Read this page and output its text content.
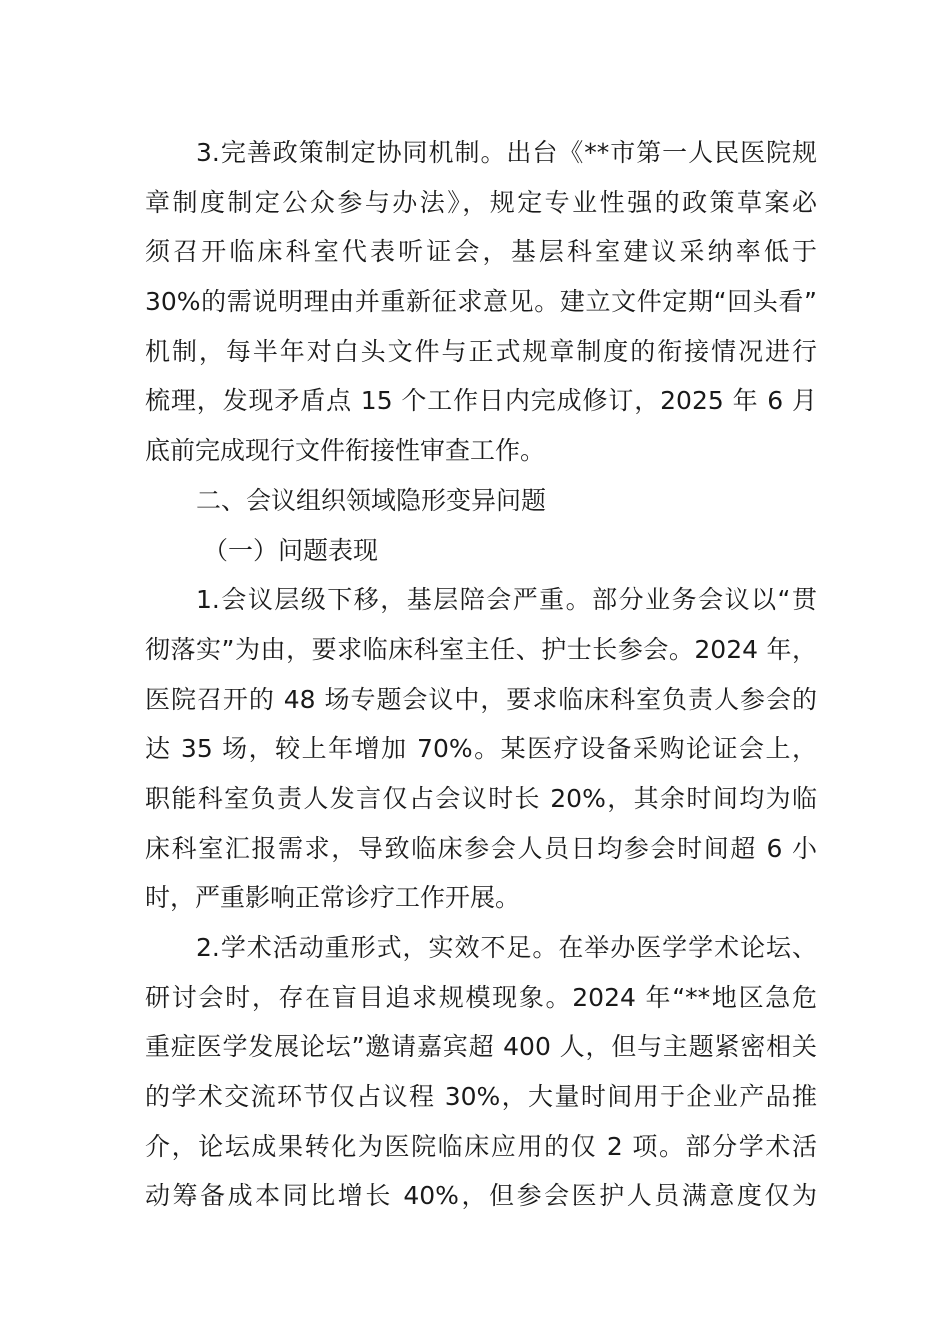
3.完善政策制定协同机制。出台《**市第一人民医院规
章制度制定公众参与办法》，规定专业性强的政策草案必
须召开临床科室代表听证会，基层科室建议采纳率低于
30%的需说明理由并重新征求意见。建立文件定期“回头看”
机制，每半年对白头文件与正式规章制度的衔接情况进行
梳理，发现矛盾点 15 个工作日内完成修订，2025 年 6 月
底前完成现行文件衔接性审查工作。
二、会议组织领域隐形变异问题
（一）问题表现
1.会议层级下移，基层陪会严重。部分业务会议以“贯
彻落实”为由，要求临床科室主任、护士长参会。2024 年，
医院召开的 48 场专题会议中，要求临床科室负责人参会的
达 35 场，较上年增加 70%。某医疗设备采购论证会上，
职能科室负责人发言仅占会议时长 20%，其余时间均为临
床科室汇报需求，导致临床参会人员日均参会时间超 6 小
时，严重影响正常诊疗工作开展。
2.学术活动重形式，实效不足。在举办医学学术论坛、
研讨会时，存在盲目追求规模现象。2024 年“**地区急危
重症医学发展论坛”邀请嘉宾超 400 人，但与主题紧密相关
的学术交流环节仅占议程 30%，大量时间用于企业产品推
介，论坛成果转化为医院临床应用的仅 2 项。部分学术活
动筹备成本同比增长 40%，但参会医护人员满意度仅为
